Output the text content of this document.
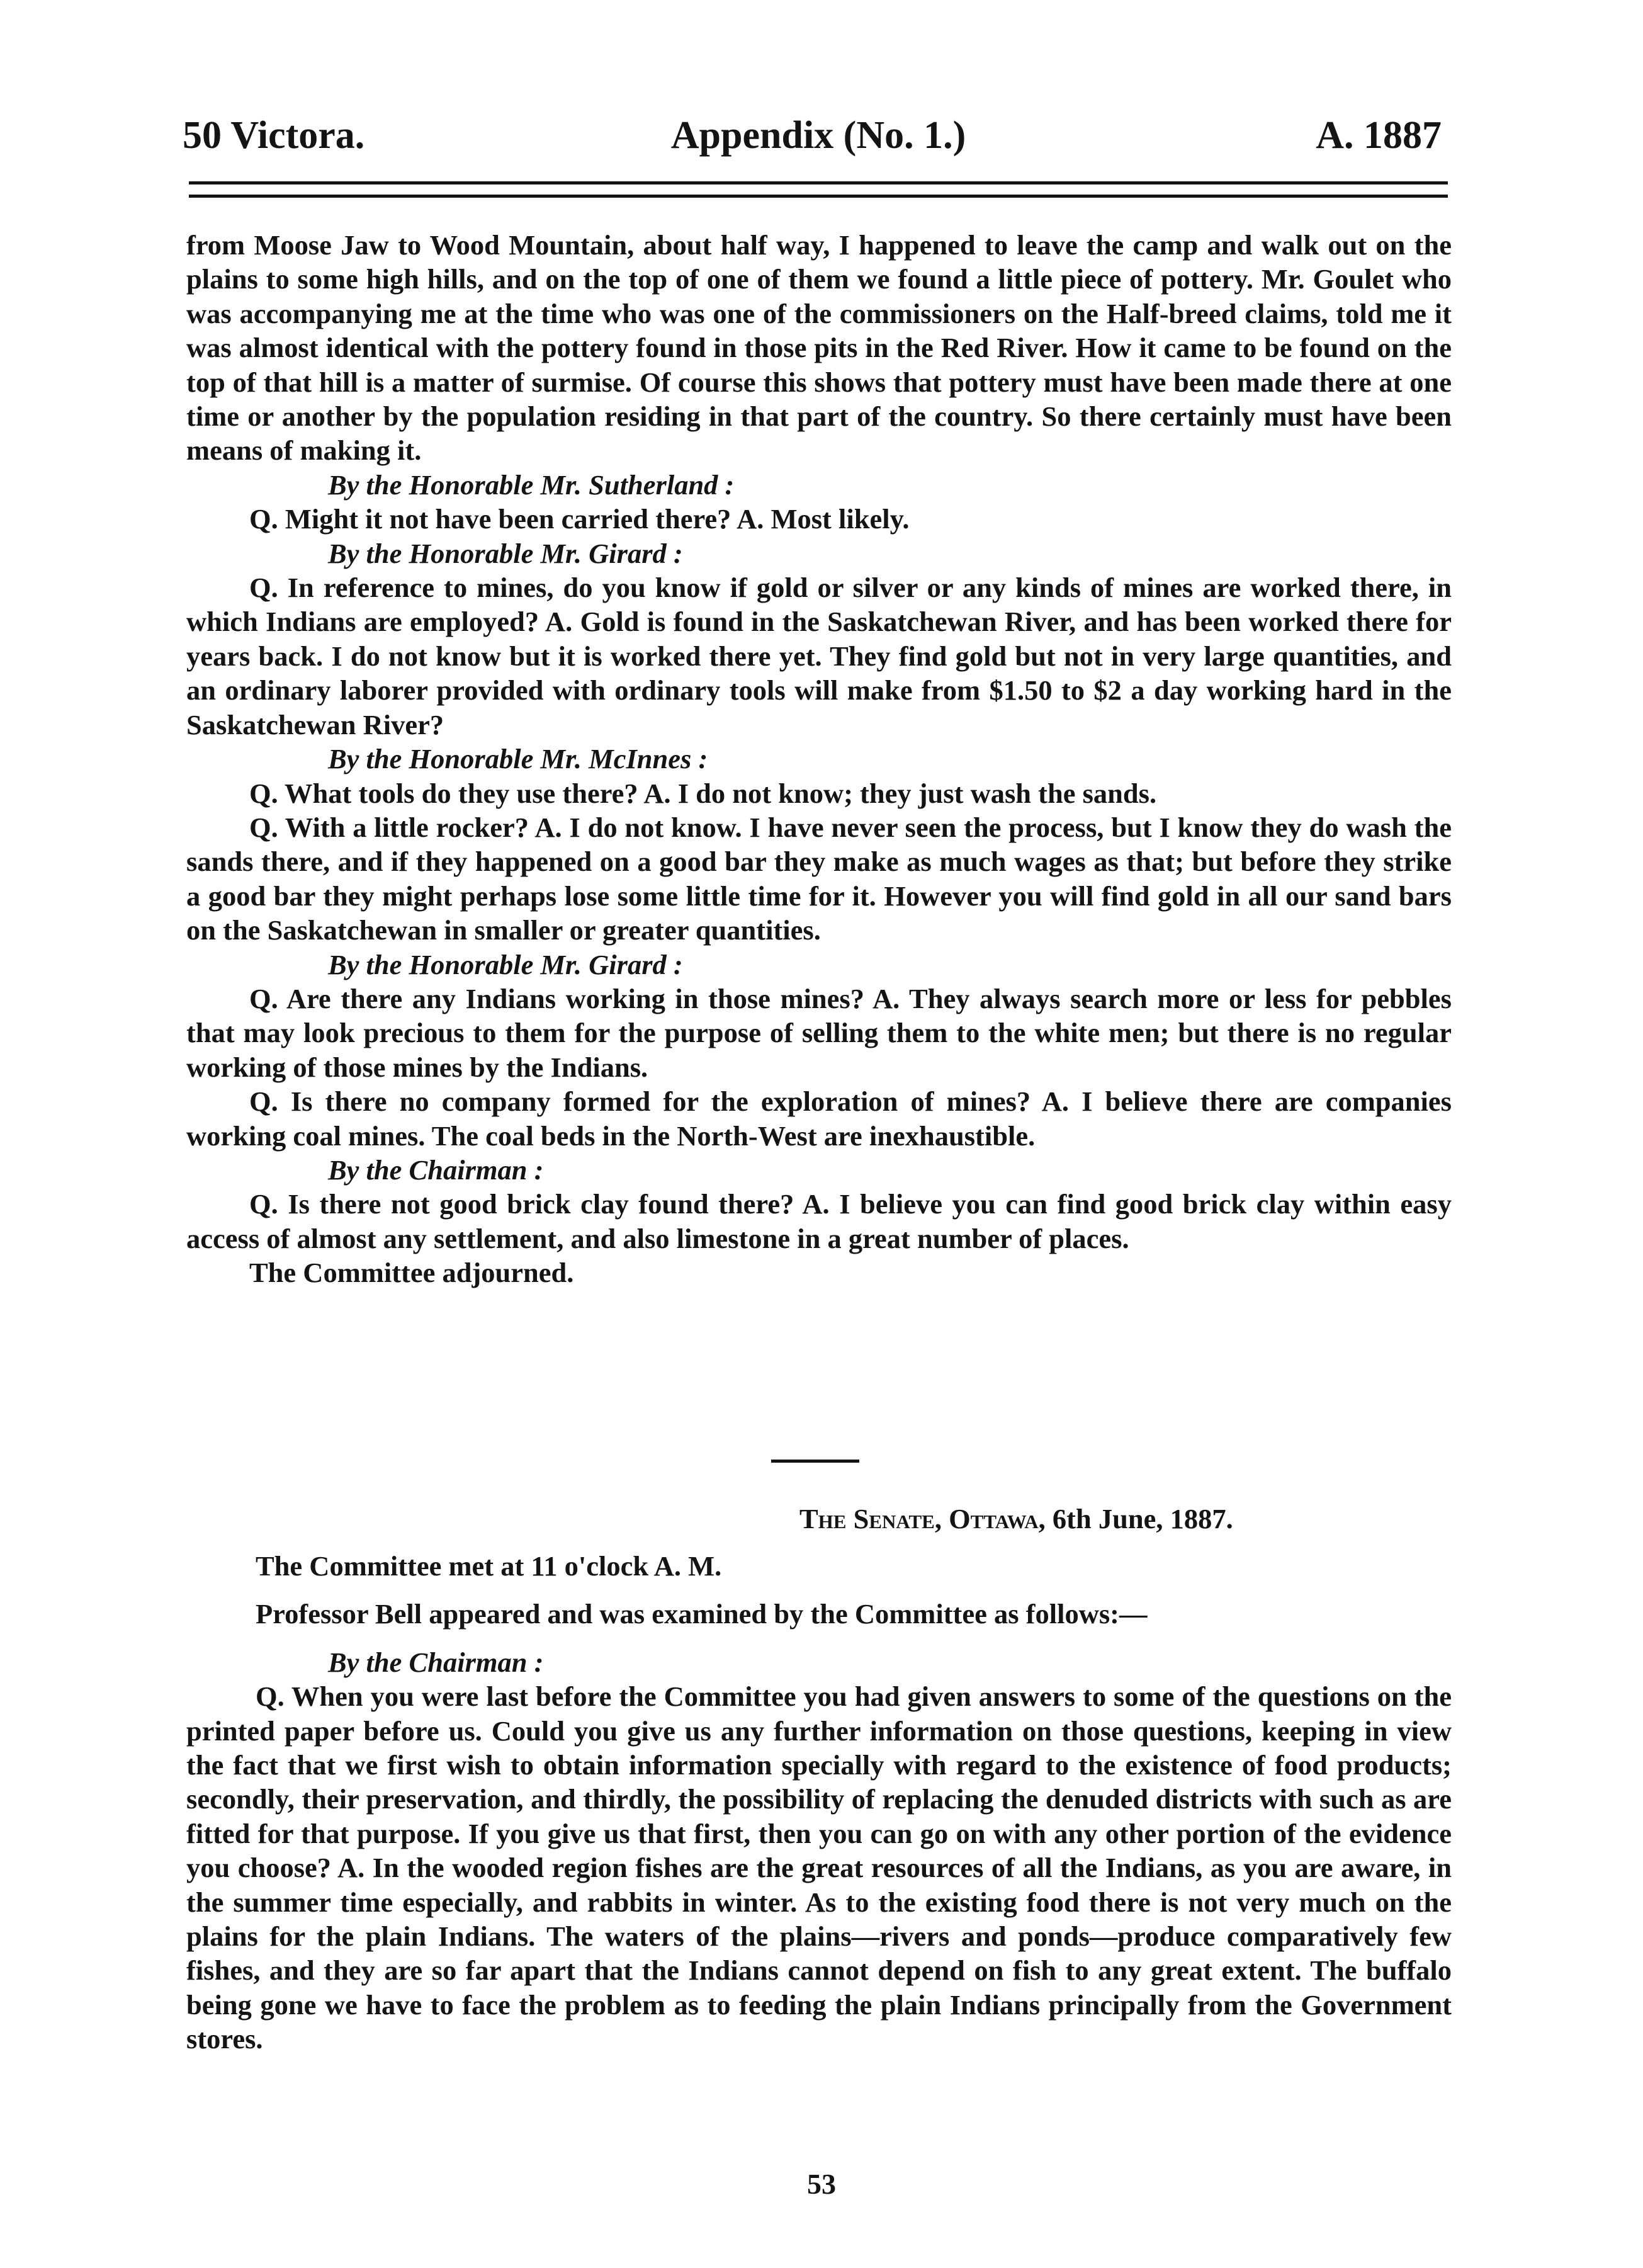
50 Victora.	Appendix (No. 1.)	A. 1887

from Moose Jaw to Wood Mountain, about half way, I happened to leave the camp and walk out on the plains to some high hills, and on the top of one of them we found a little piece of pottery. Mr. Goulet who was accompanying me at the time who was one of the commissioners on the Half-breed claims, told me it was almost identical with the pottery found in those pits in the Red River. How it came to be found on the top of that hill is a matter of surmise. Of course this shows that pottery must have been made there at one time or another by the population residing in that part of the country. So there certainly must have been means of making it.

By the Honorable Mr. Sutherland :

Q. Might it not have been carried there? A. Most likely.

By the Honorable Mr. Girard :

Q. In reference to mines, do you know if gold or silver or any kinds of mines are worked there, in which Indians are employed? A. Gold is found in the Saskatchewan River, and has been worked there for years back. I do not know but it is worked there yet. They find gold but not in very large quantities, and an ordinary laborer provided with ordinary tools will make from $1.50 to $2 a day working hard in the Saskatchewan River?

By the Honorable Mr. McInnes :

Q. What tools do they use there? A. I do not know; they just wash the sands.

Q. With a little rocker? A. I do not know. I have never seen the process, but I know they do wash the sands there, and if they happened on a good bar they make as much wages as that; but before they strike a good bar they might perhaps lose some little time for it. However you will find gold in all our sand bars on the Saskatchewan in smaller or greater quantities.

By the Honorable Mr. Girard :

Q. Are there any Indians working in those mines? A. They always search more or less for pebbles that may look precious to them for the purpose of selling them to the white men; but there is no regular working of those mines by the Indians.

Q. Is there no company formed for the exploration of mines? A. I believe there are companies working coal mines. The coal beds in the North-West are inexhaustible.

By the Chairman :

Q. Is there not good brick clay found there? A. I believe you can find good brick clay within easy access of almost any settlement, and also limestone in a great number of places.

The Committee adjourned.

The Senate, Ottawa, 6th June, 1887.

The Committee met at 11 o'clock A. M.

Professor Bell appeared and was examined by the Committee as follows:—

By the Chairman :

Q. When you were last before the Committee you had given answers to some of the questions on the printed paper before us. Could you give us any further information on those questions, keeping in view the fact that we first wish to obtain information specially with regard to the existence of food products; secondly, their preservation, and thirdly, the possibility of replacing the denuded districts with such as are fitted for that purpose. If you give us that first, then you can go on with any other portion of the evidence you choose? A. In the wooded region fishes are the great resources of all the Indians, as you are aware, in the summer time especially, and rabbits in winter. As to the existing food there is not very much on the plains for the plain Indians. The waters of the plains—rivers and ponds—produce comparatively few fishes, and they are so far apart that the Indians cannot depend on fish to any great extent. The buffalo being gone we have to face the problem as to feeding the plain Indians principally from the Government stores.

53
